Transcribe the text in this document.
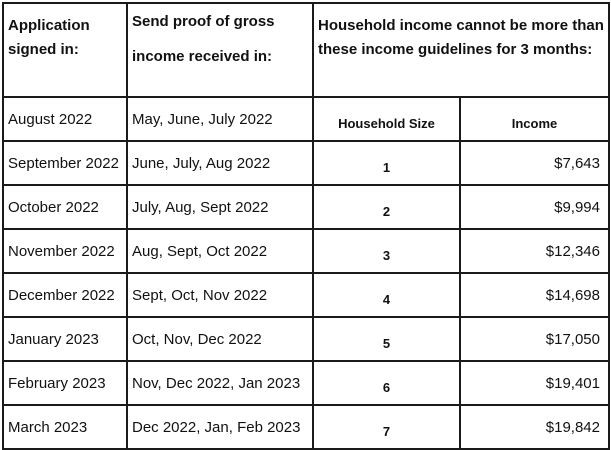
Application signed in:	Send proof of gross income received in:	Household income cannot be more than these income guidelines for 3 months:	
August 2022	May, June, July 2022	Household Size	Income
September 2022	June, July, Aug 2022	1	$7,643
October 2022	July, Aug, Sept 2022	2	$9,994
November 2022	Aug, Sept, Oct 2022	3	$12,346
December 2022	Sept, Oct, Nov 2022	4	$14,698
January 2023	Oct, Nov, Dec 2022	5	$17,050
February 2023	Nov, Dec 2022, Jan 2023	6	$19,401
March 2023	Dec 2022, Jan, Feb 2023	7	$19,842
